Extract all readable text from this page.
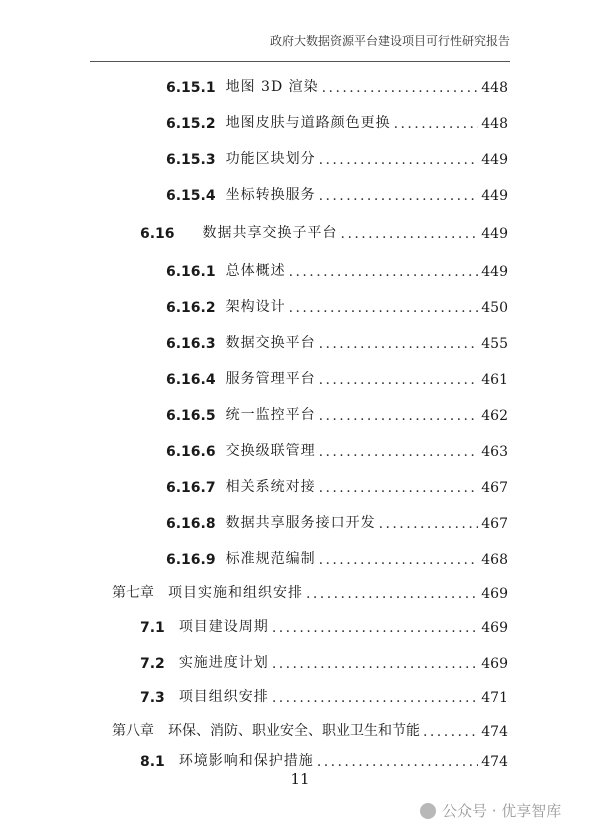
政府大数据资源平台建设项目可行性研究报告
6.15.1 地图 3D 渲染 . . .	448
6.15.2 地图皮肤与道路颜色更换 . . .	448
6.15.3 功能区块划分 . . .	449
6.15.4 坐标转换服务 . . .	449
6.16 数据共享交换子平台 . . .	449
6.16.1 总体概述 . . .	449
6.16.2 架构设计 . . .	450
6.16.3 数据交换平台 . . .	455
6.16.4 服务管理平台 . . .	461
6.16.5 统一监控平台 . . .	462
6.16.6 交换级联管理 . . .	463
6.16.7 相关系统对接 . . .	467
6.16.8 数据共享服务接口开发 . . .	467
6.16.9 标准规范编制 . . .	468
第七章 项目实施和组织安排 . . .	469
7.1 项目建设周期 . . .	469
7.2 实施进度计划 . . .	469
7.3 项目组织安排 . . .	471
第八章 环保、消防、职业安全、职业卫生和节能 . . .	474
8.1 环境影响和保护措施 . . .	474
11
公众号 · 优享智库
